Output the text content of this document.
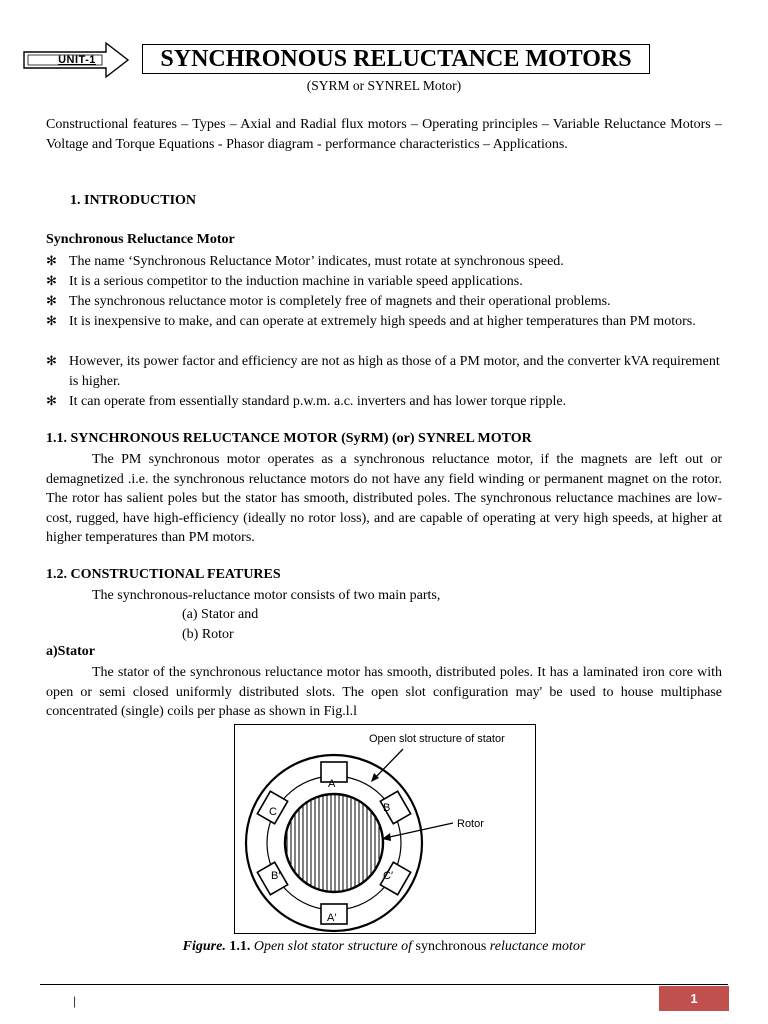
UNIT-1	SYNCHRONOUS RELUCTANCE MOTORS
(SYRM or SYNREL Motor)
Constructional features – Types – Axial and Radial flux motors – Operating principles – Variable Reluctance Motors – Voltage and Torque Equations - Phasor diagram - performance characteristics – Applications.
1. INTRODUCTION
Synchronous Reluctance Motor
✻ The name ‘Synchronous Reluctance Motor’ indicates, must rotate at synchronous speed.
✻ It is a serious competitor to the induction machine in variable speed applications.
✻ The synchronous reluctance motor is completely free of magnets and their operational problems.
✻ It is inexpensive to make, and can operate at extremely high speeds and at higher temperatures than PM motors.
✻ However, its power factor and efficiency are not as high as those of a PM motor, and the converter kVA requirement is higher.
✻ It can operate from essentially standard p.w.m. a.c. inverters and has lower torque ripple.
1.1. SYNCHRONOUS RELUCTANCE MOTOR (SyRM) (or) SYNREL MOTOR
The PM synchronous motor operates as a synchronous reluctance motor, if the magnets are left out or demagnetized .i.e. the synchronous reluctance motors do not have any field winding or permanent magnet on the rotor. The rotor has salient poles but the stator has smooth, distributed poles. The synchronous reluctance machines are low-cost, rugged, have high-efficiency (ideally no rotor loss), and are capable of operating at very high speeds, at higher at higher temperatures than PM motors.
1.2. CONSTRUCTIONAL FEATURES
The synchronous-reluctance motor consists of two main parts,
(a) Stator and
(b) Rotor
a)Stator
The stator of the synchronous reluctance motor has smooth, distributed poles. It has a laminated iron core with open or semi closed uniformly distributed slots. The open slot configuration may' be used to house multiphase concentrated (single) coils per phase as shown in Fig.l.l
A
B
C′
A′
B′
C
Open slot structure of stator
Rotor
Figure. 1.1. Open slot stator structure of synchronous reluctance motor
|	1
